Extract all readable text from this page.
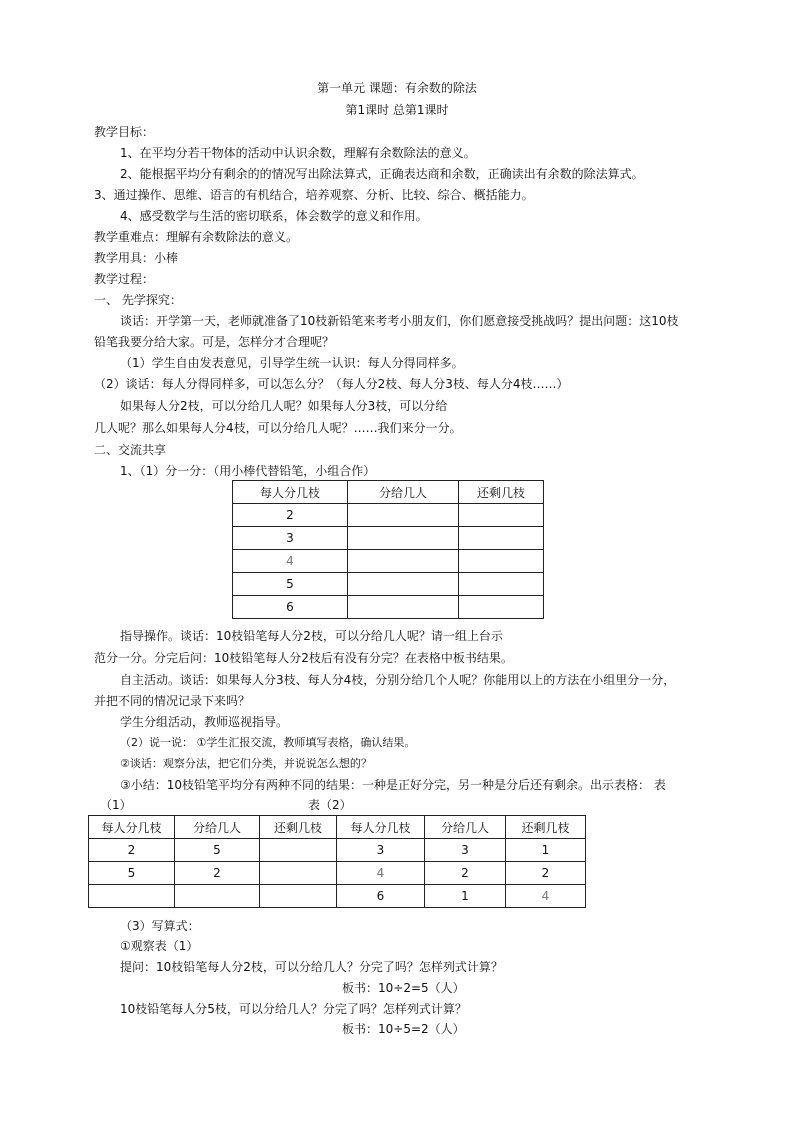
第一单元 课题：有余数的除法
第1课时 总第1课时
教学目标：
1、在平均分若干物体的活动中认识余数，理解有余数除法的意义。
2、能根据平均分有剩余的的情况写出除法算式，正确表达商和余数，正确读出有余数的除法算式。
3、通过操作、思维、语言的有机结合，培养观察、分析、比较、综合、概括能力。
4、感受数学与生活的密切联系，体会数学的意义和作用。
教学重难点：理解有余数除法的意义。
教学用具：小棒
教学过程：
一、 先学探究：
谈话：开学第一天，老师就准备了10枝新铅笔来考考小朋友们，你们愿意接受挑战吗？提出问题：这10枝
铅笔我要分给大家。可是，怎样分才合理呢？
（1）学生自由发表意见，引导学生统一认识：每人分得同样多。
（2）谈话：每人分得同样多，可以怎么分？（每人分2枝、每人分3枝、每人分4枝……）
如果每人分2枝，可以分给几人呢？如果每人分3枝，可以分给
几人呢？那么如果每人分4枝，可以分给几人呢？……我们来分一分。
二、交流共享
1、（1）分一分：（用小棒代替铅笔，小组合作）
每人分几枝	分给几人	还剩几枝
2		
3		
4		
5		
6		
指导操作。谈话：10枝铅笔每人分2枝，可以分给几人呢？请一组上台示
范分一分。分完后问：10枝铅笔每人分2枝后有没有分完？在表格中板书结果。
自主活动。谈话：如果每人分3枝、每人分4枝，分别分给几个人呢？你能用以上的方法在小组里分一分，
并把不同的情况记录下来吗？
学生分组活动，教师巡视指导。
（2）说一说： ①学生汇报交流，教师填写表格，确认结果。
②谈话：观察分法，把它们分类，并说说怎么想的？
③小结：10枝铅笔平均分有两种不同的结果：一种是正好分完，另一种是分后还有剩余。出示表格： 表
（1）	表（2）
每人分几枝	分给几人	还剩几枝	每人分几枝	分给几人	还剩几枝
2	5		3	3	1
5	2		4	2	2
			6	1	4
（3）写算式：
①观察表（1）
提问：10枝铅笔每人分2枝，可以分给几人？分完了吗？怎样列式计算？
板书：10÷2=5（人）
10枝铅笔每人分5枝，可以分给几人？分完了吗？怎样列式计算？
板书：10÷5=2（人）
